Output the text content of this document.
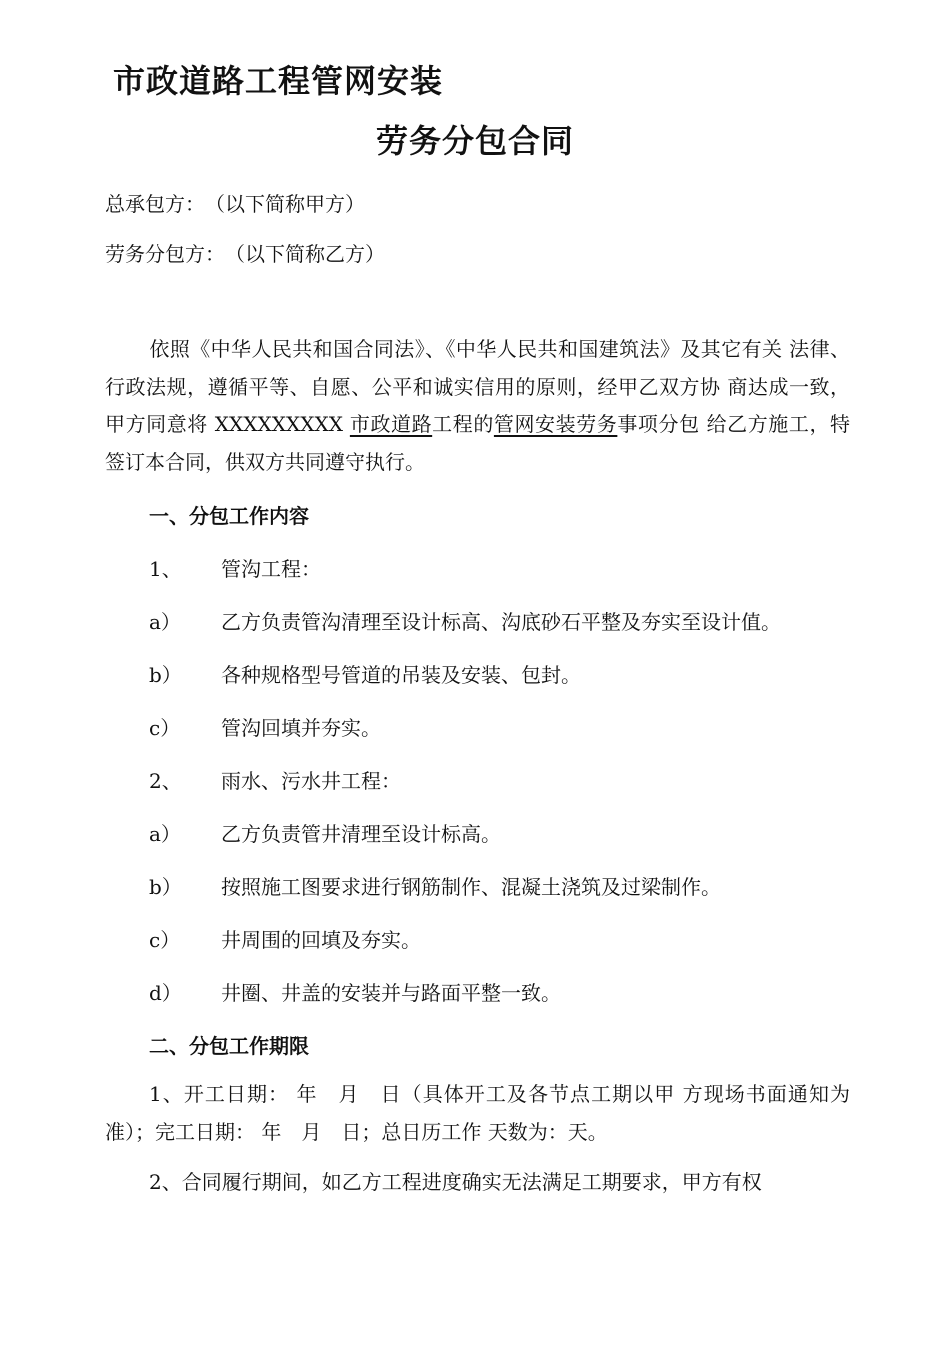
市政道路工程管网安装
劳务分包合同
总承包方：　（以下简称甲方）
劳务分包方：　（以下简称乙方）
依照《中华人民共和国合同法》、《中华人民共和国建筑法》及其它有关 法律、行政法规，遵循平等、自愿、公平和诚实信用的原则，经甲乙双方协 商达成一致，甲方同意将 XXXXXXXXX 市政道路工程的管网安装劳务事项分包 给乙方施工，特签订本合同，供双方共同遵守执行。
一、分包工作内容
1、 管沟工程：
a） 乙方负责管沟清理至设计标高、沟底砂石平整及夯实至设计值。
b） 各种规格型号管道的吊装及安装、包封。
c） 管沟回填并夯实。
2、 雨水、污水井工程：
a） 乙方负责管井清理至设计标高。
b） 按照施工图要求进行钢筋制作、混凝土浇筑及过梁制作。
c） 井周围的回填及夯实。
d） 井圈、井盖的安装并与路面平整一致。
二、分包工作期限
1、开工日期： 年　月　日（具体开工及各节点工期以甲 方现场书面通知为准）；完工日期： 年　月　日；总日历工作 天数为：天。
2、合同履行期间，如乙方工程进度确实无法满足工期要求，甲方有权
